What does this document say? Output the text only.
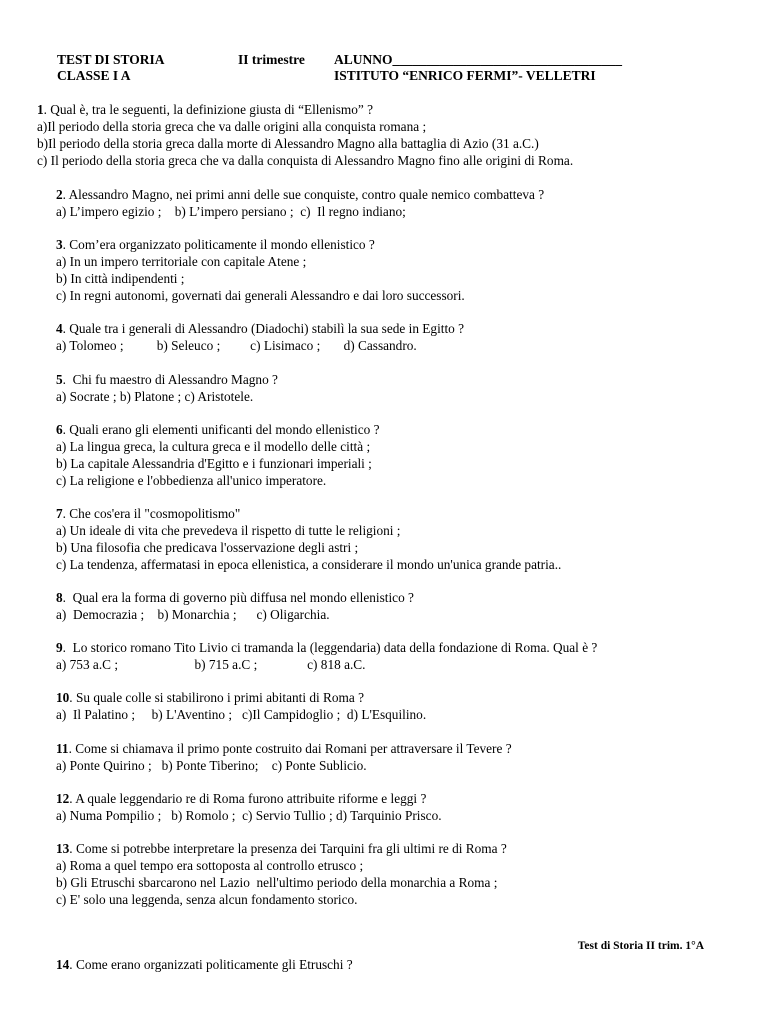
TEST DI STORIA	II trimestre ALUNNO__________________________________
CLASSE I A	ISTITUTO “ENRICO FERMI”- VELLETRI
1. Qual è, tra le seguenti, la definizione giusta di “Ellenismo” ?
a)Il periodo della storia greca che va dalle origini alla conquista romana ;
b)Il periodo della storia greca dalla morte di Alessandro Magno alla battaglia di Azio (31 a.C.)
c) Il periodo della storia greca che va dalla conquista di Alessandro Magno fino alle origini di Roma.
2. Alessandro Magno, nei primi anni delle sue conquiste, contro quale nemico combatteva ?
a) L’impero egizio ;    b) L’impero persiano ;  c)  Il regno indiano;
3. Com’era organizzato politicamente il mondo ellenistico ?
a) In un impero territoriale con capitale Atene ;
b) In città indipendenti ;
c) In regni autonomi, governati dai generali Alessandro e dai loro successori.
4. Quale tra i generali di Alessandro (Diadochi) stabilì la sua sede in Egitto ?
a) Tolomeo ;          b) Seleuco ;         c) Lisimaco ;       d) Cassandro.
5.  Chi fu maestro di Alessandro Magno ?
a) Socrate ; b) Platone ; c) Aristotele.
6. Quali erano gli elementi unificanti del mondo ellenistico ?
a) La lingua greca, la cultura greca e il modello delle città ;
b) La capitale Alessandria d'Egitto e i funzionari imperiali ;
c) La religione e l'obbedienza all'unico imperatore.
7. Che cos'era il "cosmopolitismo"
a) Un ideale di vita che prevedeva il rispetto di tutte le religioni ;
b) Una filosofia che predicava l'osservazione degli astri ;
c) La tendenza, affermatasi in epoca ellenistica, a considerare il mondo un'unica grande patria..
8.  Qual era la forma di governo più diffusa nel mondo ellenistico ?
a)  Democrazia ;    b) Monarchia ;      c) Oligarchia.
9.  Lo storico romano Tito Livio ci tramanda la (leggendaria) data della fondazione di Roma. Qual è ?
a) 753 a.C ;                       b) 715 a.C ;               c) 818 a.C.
10. Su quale colle si stabilirono i primi abitanti di Roma ?
a)  Il Palatino ;     b) L'Aventino ;   c)Il Campidoglio ;  d) L'Esquilino.
11. Come si chiamava il primo ponte costruito dai Romani per attraversare il Tevere ?
a) Ponte Quirino ;   b) Ponte Tiberino;    c) Ponte Sublicio.
12. A quale leggendario re di Roma furono attribuite riforme e leggi ?
a) Numa Pompilio ;   b) Romolo ;  c) Servio Tullio ; d) Tarquinio Prisco.
13. Come si potrebbe interpretare la presenza dei Tarquini fra gli ultimi re di Roma ?
a) Roma a quel tempo era sottoposta al controllo etrusco ;
b) Gli Etruschi sbarcarono nel Lazio  nell'ultimo periodo della monarchia a Roma ;
c) E' solo una leggenda, senza alcun fondamento storico.
Test di Storia II trim. 1°A
14. Come erano organizzati politicamente gli Etruschi ?
